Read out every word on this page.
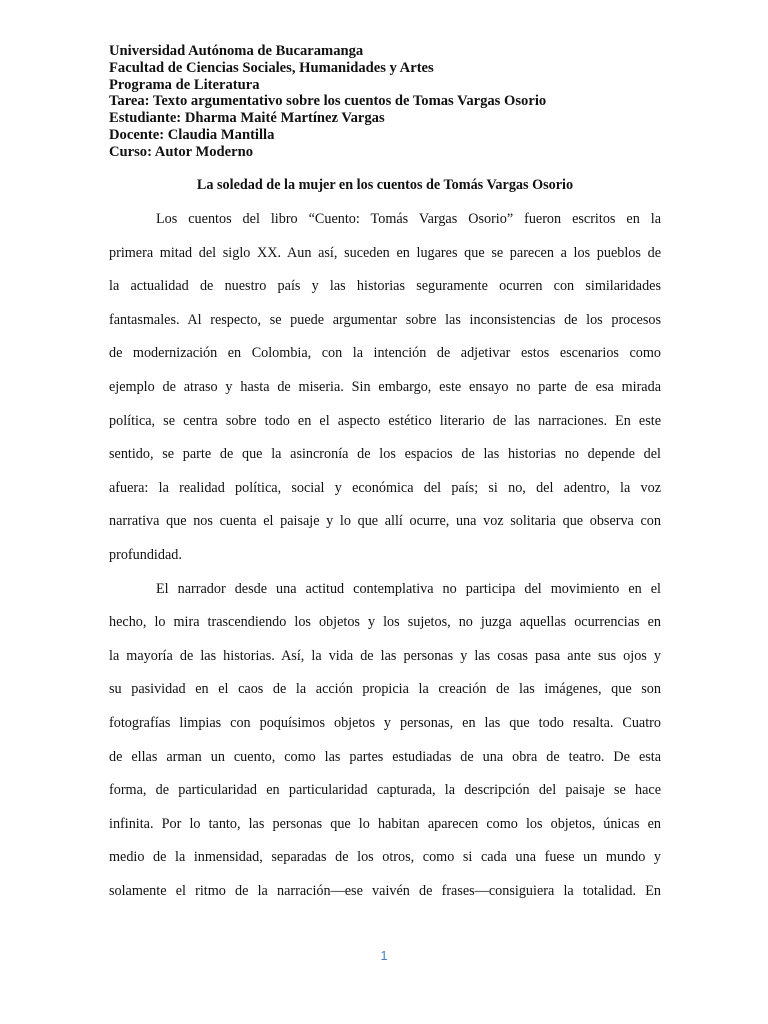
Universidad Autónoma de Bucaramanga
Facultad de Ciencias Sociales, Humanidades y Artes
Programa de Literatura
Tarea: Texto argumentativo sobre los cuentos de Tomas Vargas Osorio
Estudiante: Dharma Maité Martínez Vargas
Docente: Claudia Mantilla
Curso: Autor Moderno
La soledad de la mujer en los cuentos de Tomás Vargas Osorio
Los cuentos del libro “Cuento: Tomás Vargas Osorio” fueron escritos en la
primera mitad del siglo XX. Aun así, suceden en lugares que se parecen a los pueblos de
la actualidad de nuestro país y las historias seguramente ocurren con similaridades
fantasmales. Al respecto, se puede argumentar sobre las inconsistencias de los procesos
de modernización en Colombia, con la intención de adjetivar estos escenarios como
ejemplo de atraso y hasta de miseria. Sin embargo, este ensayo no parte de esa mirada
política, se centra sobre todo en el aspecto estético literario de las narraciones. En este
sentido, se parte de que la asincronía de los espacios de las historias no depende del
afuera: la realidad política, social y económica del país; si no, del adentro, la voz
narrativa que nos cuenta el paisaje y lo que allí ocurre, una voz solitaria que observa con
profundidad.
El narrador desde una actitud contemplativa no participa del movimiento en el
hecho, lo mira trascendiendo los objetos y los sujetos, no juzga aquellas ocurrencias en
la mayoría de las historias. Así, la vida de las personas y las cosas pasa ante sus ojos y
su pasividad en el caos de la acción propicia la creación de las imágenes, que son
fotografías limpias con poquísimos objetos y personas, en las que todo resalta. Cuatro
de ellas arman un cuento, como las partes estudiadas de una obra de teatro. De esta
forma, de particularidad en particularidad capturada, la descripción del paisaje se hace
infinita. Por lo tanto, las personas que lo habitan aparecen como los objetos, únicas en
medio de la inmensidad, separadas de los otros, como si cada una fuese un mundo y
solamente el ritmo de la narración—ese vaivén de frases—consiguiera la totalidad. En
1
